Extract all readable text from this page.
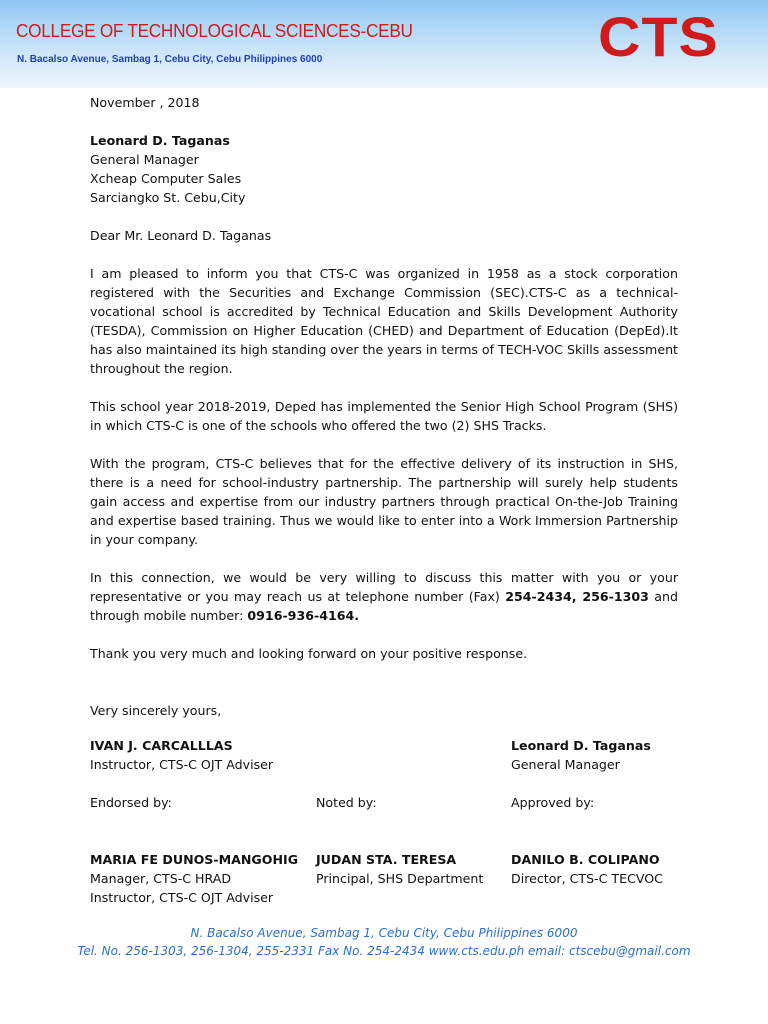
COLLEGE OF TECHNOLOGICAL SCIENCES-CEBU
N. Bacalso Avenue, Sambag 1, Cebu City, Cebu Philippines 6000	CTS

November , 2018

Leonard D. Taganas

General Manager

Xcheap Computer Sales

Sarciangko St. Cebu,City

Dear Mr. Leonard D. Taganas

I am pleased to inform you that CTS-C was organized in 1958 as a stock corporation registered with the Securities and Exchange Commission (SEC).CTS-C as a technical-vocational school is accredited by Technical Education and Skills Development Authority (TESDA), Commission on Higher Education (CHED) and Department of Education (DepEd).It has also maintained its high standing over the years in terms of TECH-VOC Skills assessment throughout the region.

This school year 2018-2019, Deped has implemented the Senior High School Program (SHS) in which CTS-C is one of the schools who offered the two (2) SHS Tracks.

With the program, CTS-C believes that for the effective delivery of its instruction in SHS, there is a need for school-industry partnership. The partnership will surely help students gain access and expertise from our industry partners through practical On-the-Job Training and expertise based training. Thus we would like to enter into a Work Immersion Partnership in your company.

In this connection, we would be very willing to discuss this matter with you or your representative or you may reach us at telephone number (Fax) 254-2434, 256-1303 and through mobile number: 0916-936-4164.

Thank you very much and looking forward on your positive response.

Very sincerely yours,

IVAN J. CARCALLLAS
Instructor, CTS-C OJT Adviser
Leonard D. Taganas
General Manager
Endorsed by:	Noted by:	Approved by:
MARIA FE DUNOS-MANGOHIG
Manager, CTS-C HRAD
Instructor, CTS-C OJT Adviser
JUDAN STA. TERESA
Principal, SHS Department
DANILO B. COLIPANO
Director, CTS-C TECVOC
N. Bacalso Avenue, Sambag 1, Cebu City, Cebu Philippines 6000
Tel. No. 256-1303, 256-1304, 255-2331 Fax No. 254-2434 www.cts.edu.ph email: ctscebu@gmail.com
